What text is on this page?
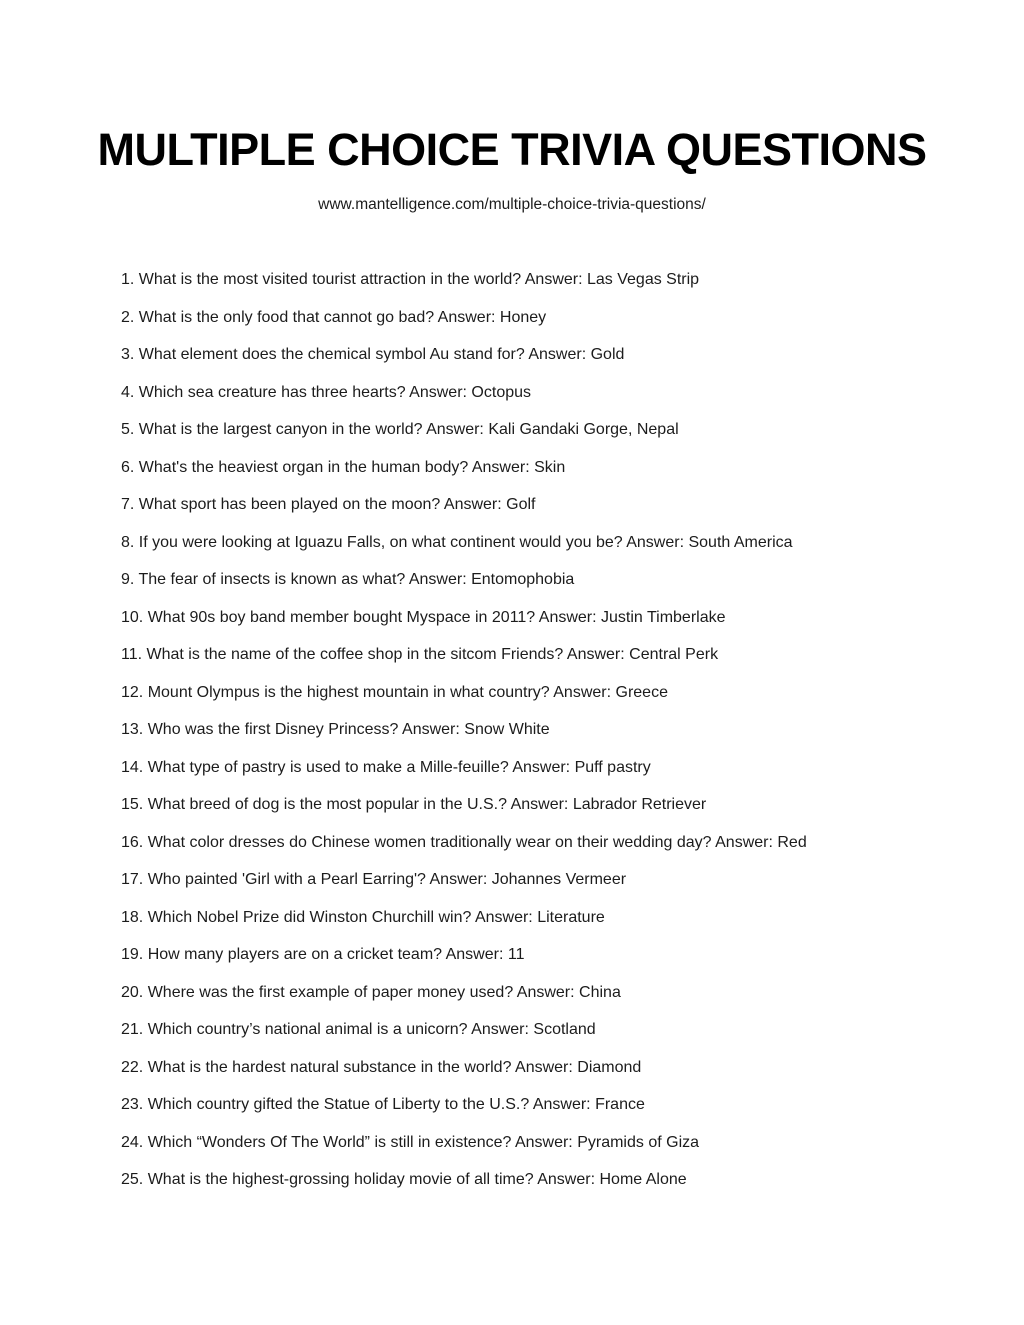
MULTIPLE CHOICE TRIVIA QUESTIONS
www.mantelligence.com/multiple-choice-trivia-questions/
1. What is the most visited tourist attraction in the world? Answer: Las Vegas Strip
2. What is the only food that cannot go bad? Answer: Honey
3. What element does the chemical symbol Au stand for? Answer: Gold
4. Which sea creature has three hearts? Answer: Octopus
5. What is the largest canyon in the world? Answer: Kali Gandaki Gorge, Nepal
6. What's the heaviest organ in the human body? Answer: Skin
7. What sport has been played on the moon? Answer: Golf
8. If you were looking at Iguazu Falls, on what continent would you be? Answer: South America
9. The fear of insects is known as what? Answer: Entomophobia
10. What 90s boy band member bought Myspace in 2011? Answer: Justin Timberlake
11. What is the name of the coffee shop in the sitcom Friends? Answer: Central Perk
12. Mount Olympus is the highest mountain in what country? Answer: Greece
13. Who was the first Disney Princess? Answer: Snow White
14. What type of pastry is used to make a Mille-feuille? Answer: Puff pastry
15. What breed of dog is the most popular in the U.S.? Answer: Labrador Retriever
16. What color dresses do Chinese women traditionally wear on their wedding day? Answer: Red
17. Who painted 'Girl with a Pearl Earring'? Answer: Johannes Vermeer
18. Which Nobel Prize did Winston Churchill win? Answer: Literature
19. How many players are on a cricket team? Answer: 11
20. Where was the first example of paper money used? Answer: China
21. Which country’s national animal is a unicorn? Answer: Scotland
22. What is the hardest natural substance in the world? Answer: Diamond
23. Which country gifted the Statue of Liberty to the U.S.? Answer: France
24. Which “Wonders Of The World” is still in existence? Answer: Pyramids of Giza
25. What is the highest-grossing holiday movie of all time? Answer: Home Alone
